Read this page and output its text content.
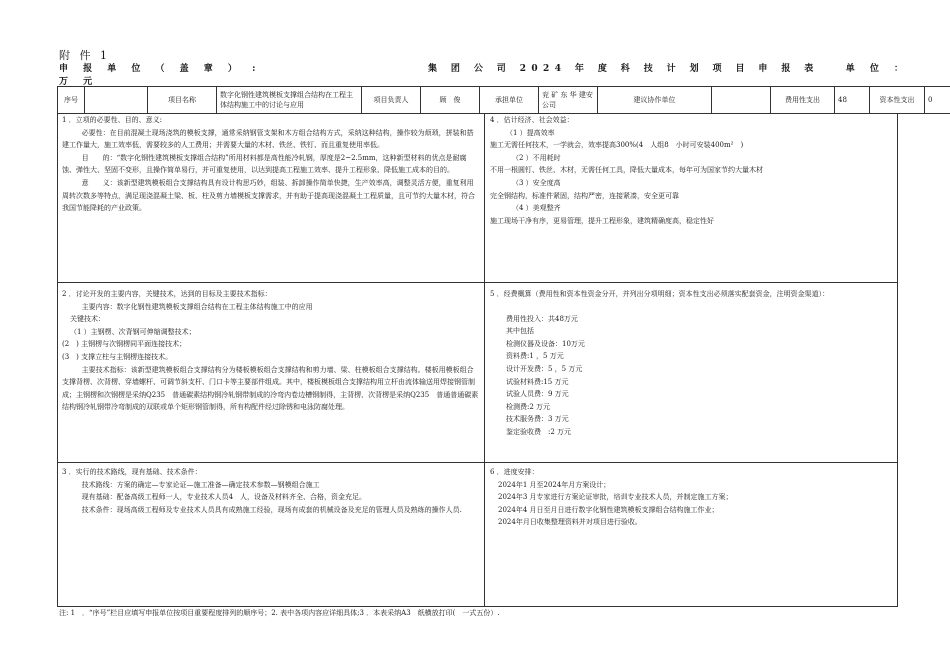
附 件 1
申 报 单 位 （ 盖 章 ） :	集 团 公 司 2024 年 度 科 技 计 划 项 目 申 报 表	单 位 ：
万 元
序号		项目名称	数字化钢性建筑模板支撑组合结构在工程主体结构施工中的讨论与应用	项目负责人	顾　俊	承担单位	兖 矿 东 华 建安公司	建议协作单位		费用性支出	48	资本性支出	0

1 ．立项的必要性、目的、意义:

必要性：在目前混凝土现场浇筑的模板支撑，通常采纳钢管支架和木方组合结构方式，采纳这种结构，操作较为烦琐，拼装和搭建工作量大，施工效率低，需要较多的人工费用；并需要大量的木材、铁丝、铁钉、而且重复使用率低。

目　　的：“数字化钢性建筑模板支撑组合结构”所用材料都是高性能冷轧钢，厚度是2~2.5mm，这种新型材料的优点是耐腐蚀、弹性大、坚固不变形，且操作简单易行，并可重复使用，以达到提高工程施工效率、提升工程形象、降低施工成本的目的。

意　　义：该新型建筑模板组合支撑结构具有设计构思巧妙，组装、拆卸操作简单快捷，生产效率高，调整灵活方便，重复利用周转次数多等特点，满足现浇混凝土梁、板、柱及剪力墙模板支撑需求，并有助于提高现浇混凝土工程质量，且可节约大量木材，符合我国节能降耗的产业政策。

4 ．估计经济、社会效益：

（1 ）提高效率

施工无需任何技术，一学就会，效率提高300%(4　人组8　小时可安装400m²　)

（2 ）不用耗时

不用一根圆钉、铁丝、木材，无需任何工具，降低大量成本，每年可为国家节约大量木材

（3 ）安全度高

完全钢结构，标准件紧固，结构严密，连接紧凑，安全更可靠

（4 ）美观整齐

施工现场干净有序，更易管理，提升工程形象，建筑精确度高，稳定性好

2 ．讨论开发的主要内容，关键技术，达到的目标及主要技术指标：

主要内容：数字化钢性建筑模板支撑组合结构在工程主体结构施工中的应用

关键技术：

（1 ）主钢楞、次背钢可伸缩调整技术；

(2　) 主钢楞与次钢楞同平面连接技术；

(3　) 支撑立柱与主钢楞连接技术。

主要技术指标：该新型建筑模板组合支撑结构分为楼板模板组合支撑结构和剪力墙、梁、柱模板组合支撑结构。楼板用模板组合支撑背楞、次背楞、穿墙螺杆、可调节斜支杆、门口卡等主要部件组成。其中，楼板模板组合支撑结构用立杆由流体输送用焊接钢管制成；主钢楞和次钢楞是采纳Q235　普通碳素结构钢冷轧钢带制成的冷弯内卷边槽钢制得，主背楞、次背楞是采纳Q235　普通普通碳素结构钢冷轧钢带冷弯制成的双联或单个矩形钢管制得，所有构配件经过除锈和电泳防腐处理。

5 ．经费概算（费用性和资本性资金分开，并列出分项明细；资本性支出必须落实配套资金，注明资金渠道）：

费用性投入：共48万元

其中包括

检测仪器及设备：10万元

资料费:1 ，5 万元

设计开发费：5 ，5 万元

试验材料费:15 万元

试验人员费：9 万元

检测费:2 万元

技术服务费：3 万元

鉴定验收费　:2 万元

3 ．实行的技术路线，现有基础、技术条件：

技术路线：方案的确定—专家论证—施工准备—确定技术参数—钢模组合施工

现有基础：配备高级工程师一人，专业技术人员4　人，设备及材料齐全、合格，资金充足。

技术条件：现场高级工程师及专业技术人员具有成熟施工经验，现场有成套的机械设备及充足的管理人员及熟练的操作人员.

6 ．进度安排：

2024年1 月至2024年月方案设计；

2024年3 月专家进行方案论证审批，培训专业技术人员，并制定施工方案；

2024年4 月日至月日进行数字化钢性建筑模板支撑组合结构施工作业；

2024年月日收集整理资料并对项目进行验收。

注: 1　．“序号”栏目应填写申报单位按项目重要程度排列的顺序号；2. 表中各项内容应详细具体;3 ．本表采纳A3　纸横放打印(　一式五份）.
